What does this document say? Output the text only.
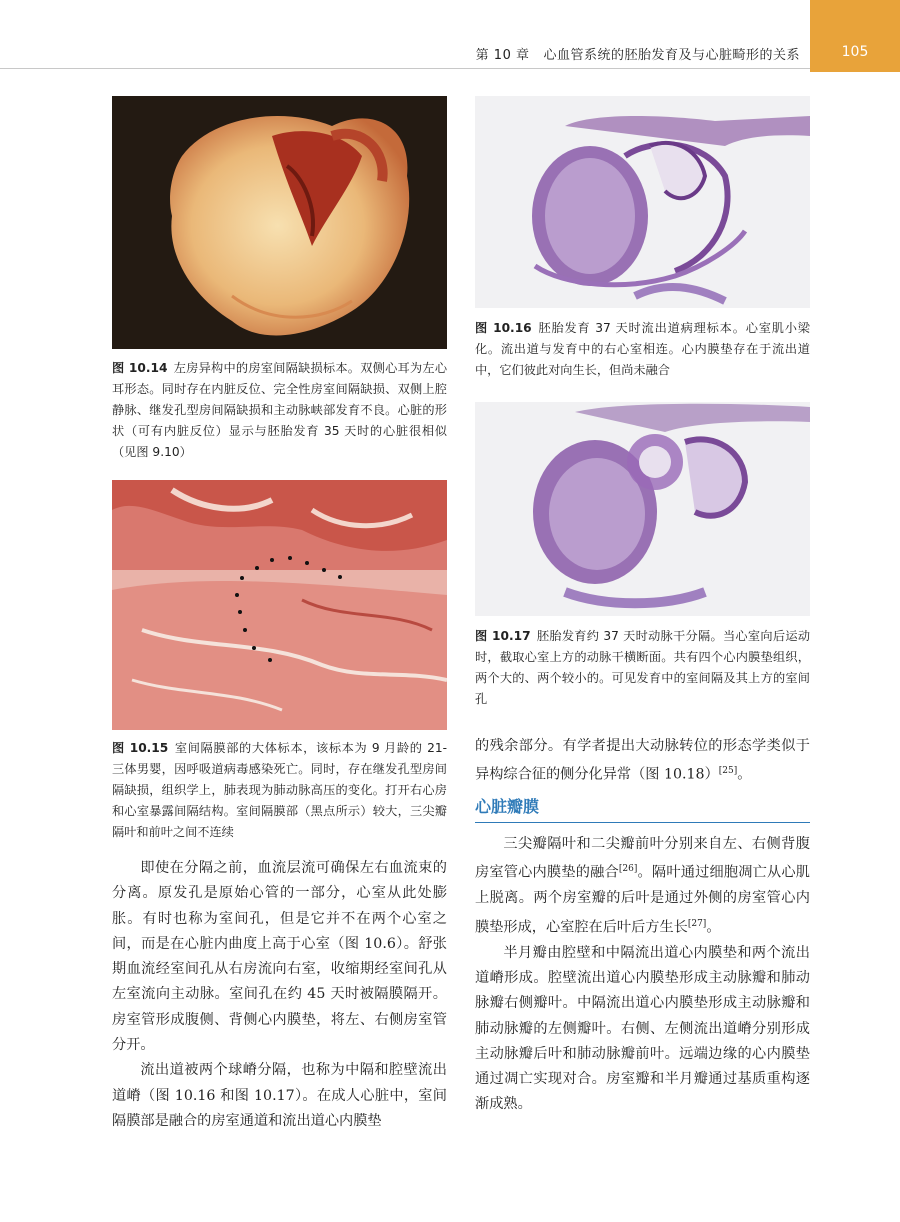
第 10 章 心血管系统的胚胎发育及与心脏畸形的关系	105
图 10.14 左房异构中的房室间隔缺损标本。双侧心耳为左心耳形态。同时存在内脏反位、完全性房室间隔缺损、双侧上腔静脉、继发孔型房间隔缺损和主动脉峡部发育不良。心脏的形状（可有内脏反位）显示与胚胎发育 35 天时的心脏很相似（见图 9.10）
图 10.15 室间隔膜部的大体标本，该标本为 9 月龄的 21- 三体男婴，因呼吸道病毒感染死亡。同时，存在继发孔型房间隔缺损，组织学上，肺表现为肺动脉高压的变化。打开右心房和心室暴露间隔结构。室间隔膜部（黑点所示）较大，三尖瓣隔叶和前叶之间不连续

即使在分隔之前，血流层流可确保左右血流束的分离。原发孔是原始心管的一部分，心室从此处膨胀。有时也称为室间孔，但是它并不在两个心室之间，而是在心脏内曲度上高于心室（图 10.6）。舒张期血流经室间孔从右房流向右室，收缩期经室间孔从左室流向主动脉。室间孔在约 45 天时被隔膜隔开。房室管形成腹侧、背侧心内膜垫，将左、右侧房室管分开。

流出道被两个球嵴分隔，也称为中隔和腔壁流出道嵴（图 10.16 和图 10.17）。在成人心脏中，室间隔膜部是融合的房室通道和流出道心内膜垫

图 10.16 胚胎发育 37 天时流出道病理标本。心室肌小梁化。流出道与发育中的右心室相连。心内膜垫存在于流出道中，它们彼此对向生长，但尚未融合
图 10.17 胚胎发育约 37 天时动脉干分隔。当心室向后运动时，截取心室上方的动脉干横断面。共有四个心内膜垫组织，两个大的、两个较小的。可见发育中的室间隔及其上方的室间孔

的残余部分。有学者提出大动脉转位的形态学类似于异构综合征的侧分化异常（图 10.18）[25]。

心脏瓣膜

三尖瓣隔叶和二尖瓣前叶分别来自左、右侧背腹房室管心内膜垫的融合[26]。隔叶通过细胞凋亡从心肌上脱离。两个房室瓣的后叶是通过外侧的房室管心内膜垫形成，心室腔在后叶后方生长[27]。

半月瓣由腔壁和中隔流出道心内膜垫和两个流出道嵴形成。腔壁流出道心内膜垫形成主动脉瓣和肺动脉瓣右侧瓣叶。中隔流出道心内膜垫形成主动脉瓣和肺动脉瓣的左侧瓣叶。右侧、左侧流出道嵴分别形成主动脉瓣后叶和肺动脉瓣前叶。远端边缘的心内膜垫通过凋亡实现对合。房室瓣和半月瓣通过基质重构逐渐成熟。
